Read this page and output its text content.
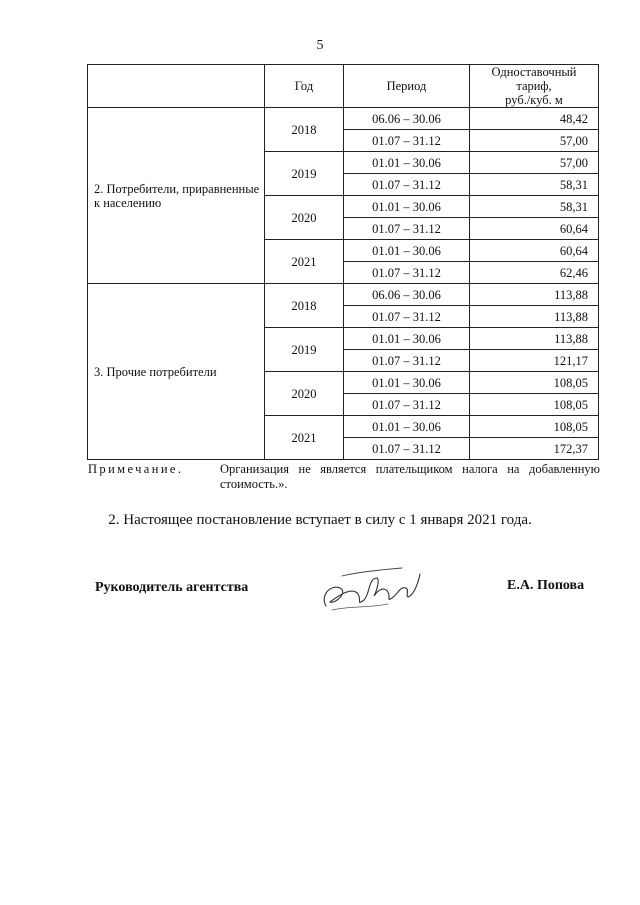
5
	Год	Период	Одноставочный тариф,
руб./куб. м
2. Потребители, приравненные к населению	2018	06.06 – 30.06	48,42
		01.07 – 31.12	57,00
	2019	01.01 – 30.06	57,00
		01.07 – 31.12	58,31
	2020	01.01 – 30.06	58,31
		01.07 – 31.12	60,64
	2021	01.01 – 30.06	60,64
		01.07 – 31.12	62,46
3. Прочие потребители	2018	06.06 – 30.06	113,88
		01.07 – 31.12	113,88
	2019	01.01 – 30.06	113,88
		01.07 – 31.12	121,17
	2020	01.01 – 30.06	108,05
		01.07 – 31.12	108,05
	2021	01.01 – 30.06	108,05
		01.07 – 31.12	172,37
Примечание.	Организация не является плательщиком налога на добавленную стоимость.».
2. Настоящее постановление вступает в силу с 1 января 2021 года.
Руководитель агентства	Е.А. Попова
